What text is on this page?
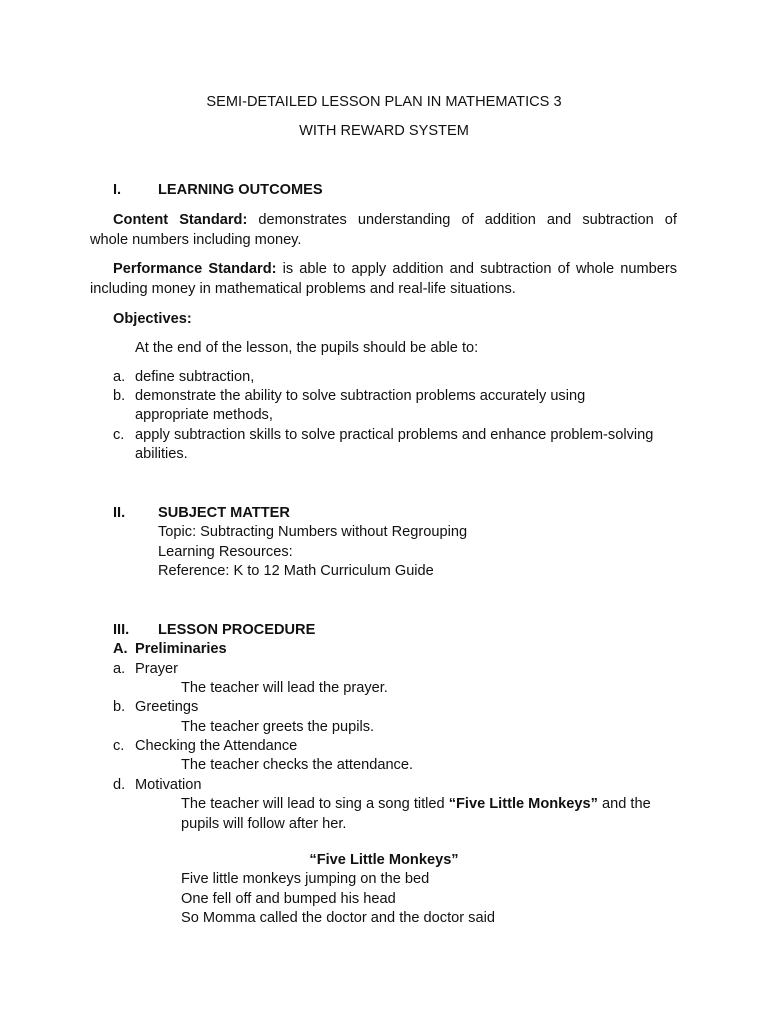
SEMI-DETAILED LESSON PLAN IN MATHEMATICS 3
WITH REWARD SYSTEM
I.	LEARNING OUTCOMES
Content Standard: demonstrates understanding of addition and subtraction of
whole numbers including money.
Performance Standard: is able to apply addition and subtraction of whole numbers
including money in mathematical problems and real-life situations.
Objectives:
At the end of the lesson, the pupils should be able to:
a. define subtraction,
b. demonstrate the ability to solve subtraction problems accurately using
appropriate methods,
c. apply subtraction skills to solve practical problems and enhance problem-solving
abilities.
II. SUBJECT MATTER
Topic: Subtracting Numbers without Regrouping
Learning Resources:
Reference: K to 12 Math Curriculum Guide
III. LESSON PROCEDURE
A. Preliminaries
a. Prayer
The teacher will lead the prayer.
b. Greetings
The teacher greets the pupils.
c. Checking the Attendance
The teacher checks the attendance.
d. Motivation
The teacher will lead to sing a song titled “Five Little Monkeys” and the
pupils will follow after her.
“Five Little Monkeys”
Five little monkeys jumping on the bed
One fell off and bumped his head
So Momma called the doctor and the doctor said
